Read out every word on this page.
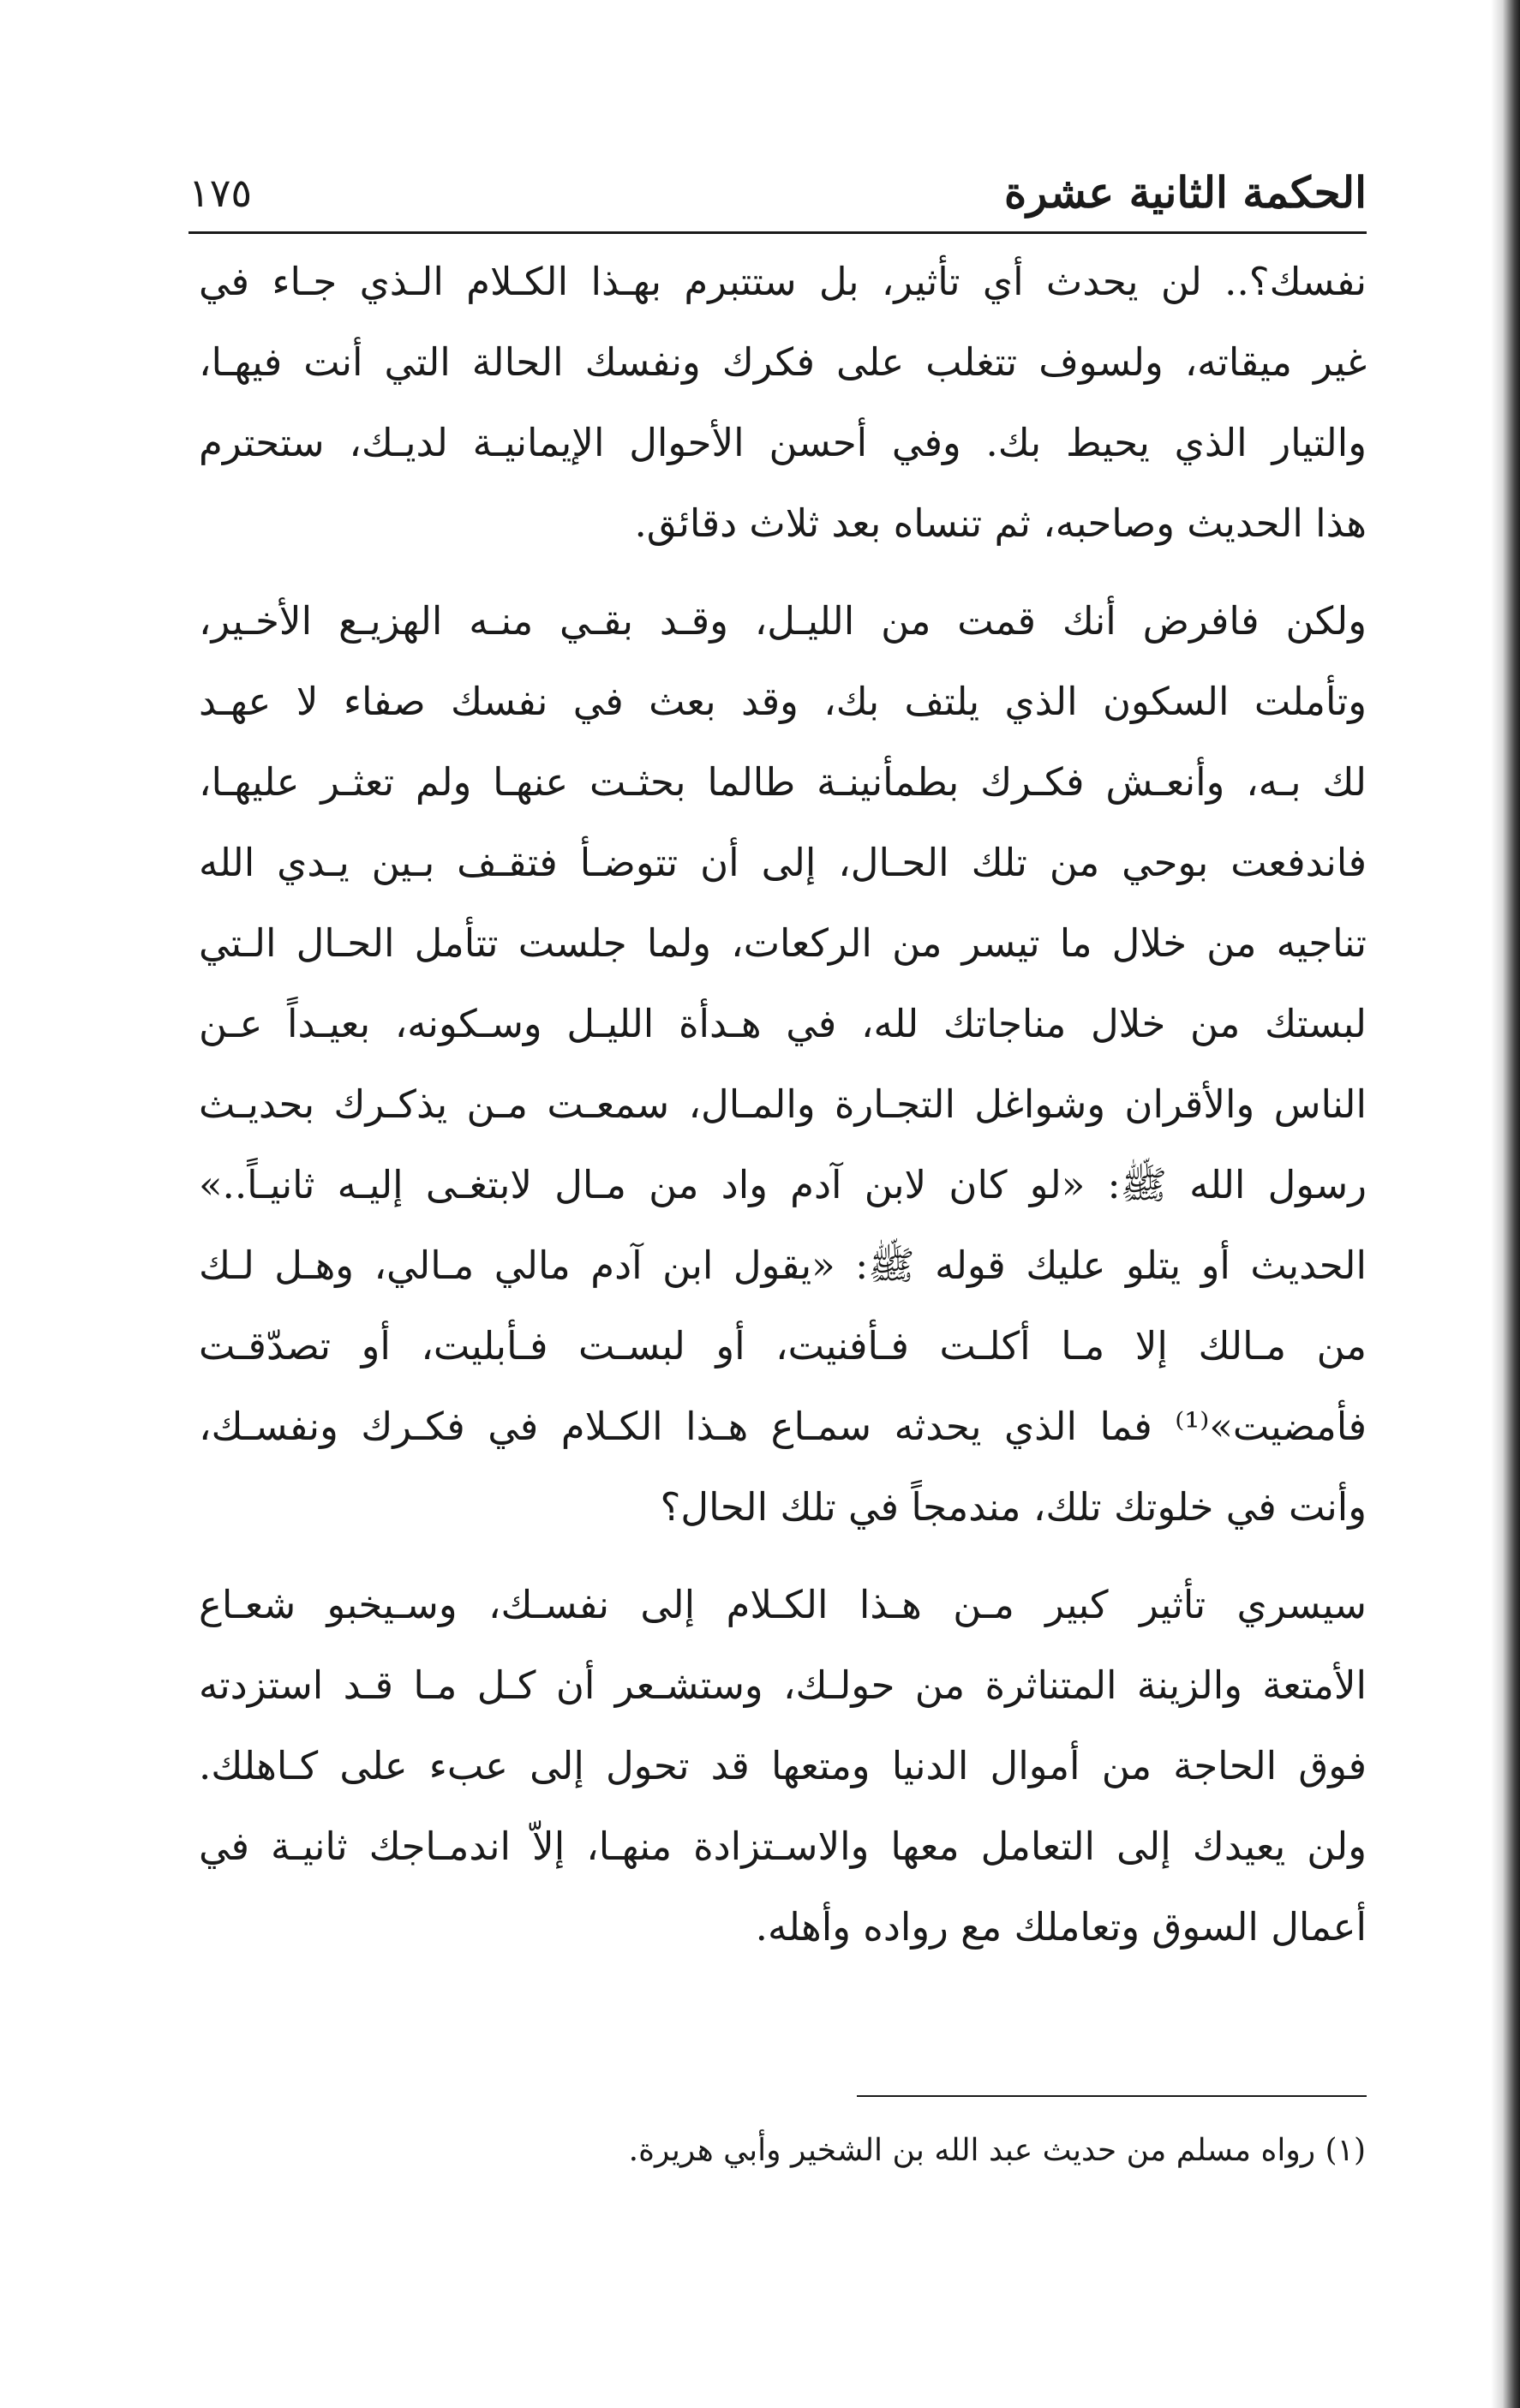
الحكمة الثانية عشرة
١٧٥
نفسك؟.. لن يحدث أي تأثير، بل ستتبرم بهـذا الكـلام الـذي جـاء في
غير ميقاته، ولسوف تتغلب على فكرك ونفسك الحالة التي أنت فيهـا،
والتيار الذي يحيط بك. وفي أحسن الأحوال الإيمانيـة لديـك، ستحترم
هذا الحديث وصاحبه، ثم تنساه بعد ثلاث دقائق.
ولكن فافرض أنك قمت من الليـل، وقـد بقـي منـه الهزيـع الأخـير،
وتأملت السكون الذي يلتف بك، وقد بعث في نفسك صفاء لا عهـد
لك بـه، وأنعـش فكـرك بطمأنينـة طالما بحثـت عنهـا ولم تعثـر عليهـا،
فاندفعت بوحي من تلك الحـال، إلى أن تتوضـأ فتقـف بـين يـدي الله
تناجيه من خلال ما تيسر من الركعات، ولما جلست تتأمل الحـال الـتي
لبستك من خلال مناجاتك لله، في هـدأة الليـل وسـكونه، بعيـداً عـن
الناس والأقران وشواغل التجـارة والمـال، سمعـت مـن يذكـرك بحديـث
رسول الله ﷺ: «لو كان لابن آدم واد من مـال لابتغـى إليـه ثانيـاً..»
الحديث أو يتلو عليك قوله ﷺ: «يقول ابن آدم مالي مـالي، وهـل لـك
من مـالك إلا مـا أكلـت فـأفنيت، أو لبسـت فـأبليت، أو تصدّقـت
فأمضيت»⁽¹⁾ فما الذي يحدثه سمـاع هـذا الكـلام في فكـرك ونفسـك،
وأنت في خلوتك تلك، مندمجاً في تلك الحال؟
سيسري تأثير كبير مـن هـذا الكـلام إلى نفسـك، وسـيخبو شعـاع
الأمتعة والزينة المتناثرة من حولـك، وستشـعر أن كـل مـا قـد استزدته
فوق الحاجة من أموال الدنيا ومتعها قد تحول إلى عبء على كـاهلك.
ولن يعيدك إلى التعامل معها والاسـتزادة منهـا، إلاّ اندمـاجك ثانيـة في
أعمال السوق وتعاملك مع رواده وأهله.
(١) رواه مسلم من حديث عبد الله بن الشخير وأبي هريرة.
